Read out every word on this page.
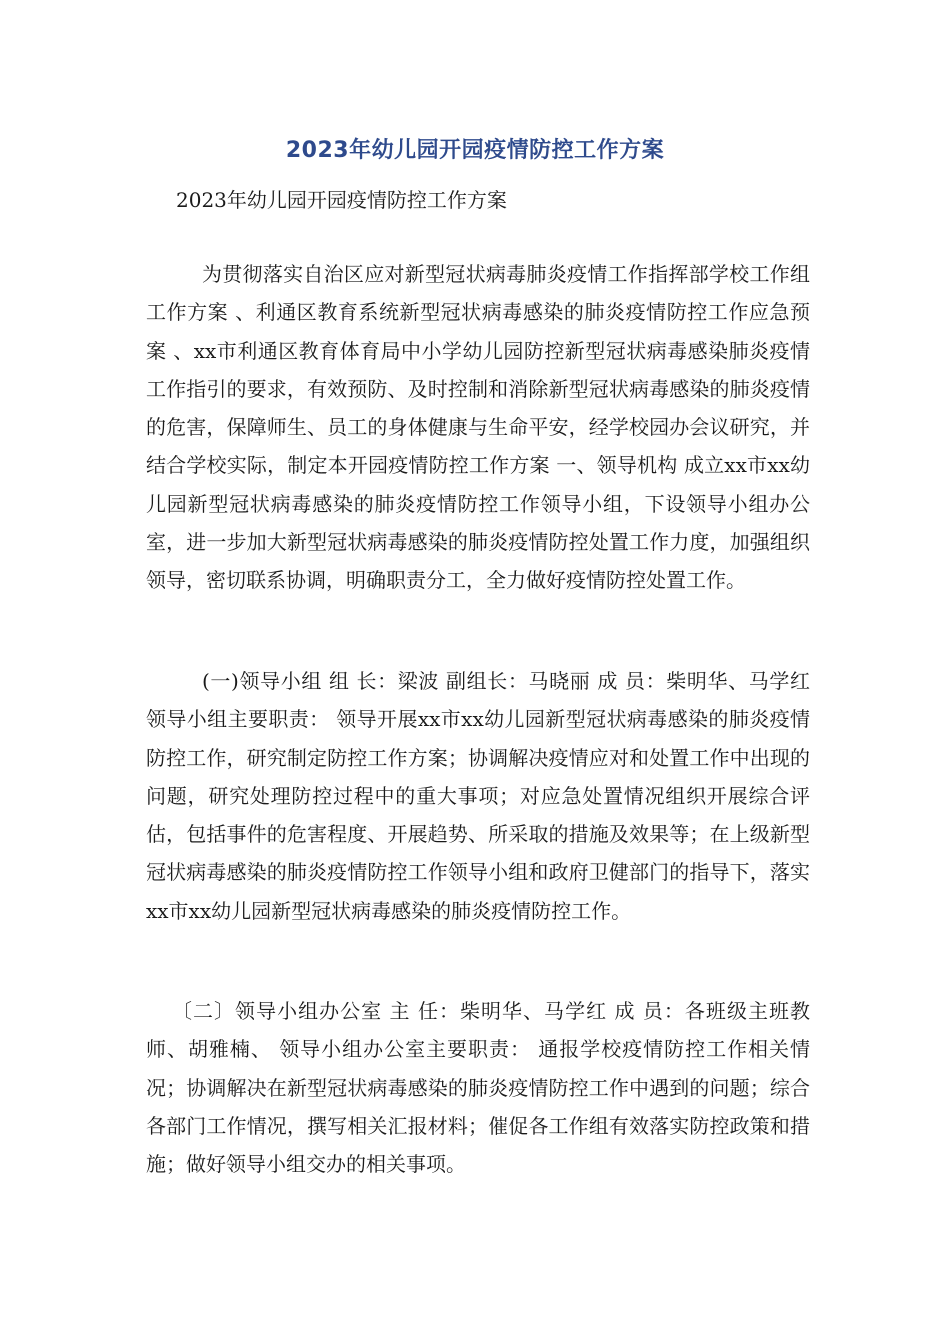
2023年幼儿园开园疫情防控工作方案
2023年幼儿园开园疫情防控工作方案

为贯彻落实自治区应对新型冠状病毒肺炎疫情工作指挥部学校工作组工作方案 、利通区教育系统新型冠状病毒感染的肺炎疫情防控工作应急预案 、xx市利通区教育体育局中小学幼儿园防控新型冠状病毒感染肺炎疫情工作指引的要求，有效预防、及时控制和消除新型冠状病毒感染的肺炎疫情的危害，保障师生、员工的身体健康与生命平安，经学校园办会议研究，并结合学校实际，制定本开园疫情防控工作方案 一、领导机构 成立xx市xx幼儿园新型冠状病毒感染的肺炎疫情防控工作领导小组，下设领导小组办公室，进一步加大新型冠状病毒感染的肺炎疫情防控处置工作力度，加强组织领导，密切联系协调，明确职责分工，全力做好疫情防控处置工作。

(一)领导小组 组 长：梁波 副组长：马晓丽 成 员：柴明华、马学红 领导小组主要职责： 领导开展xx市xx幼儿园新型冠状病毒感染的肺炎疫情防控工作，研究制定防控工作方案；协调解决疫情应对和处置工作中出现的问题，研究处理防控过程中的重大事项；对应急处置情况组织开展综合评估，包括事件的危害程度、开展趋势、所采取的措施及效果等；在上级新型冠状病毒感染的肺炎疫情防控工作领导小组和政府卫健部门的指导下，落实xx市xx幼儿园新型冠状病毒感染的肺炎疫情防控工作。

〔二〕领导小组办公室 主 任：柴明华、马学红 成 员：各班级主班教师、胡雅楠、 领导小组办公室主要职责： 通报学校疫情防控工作相关情况；协调解决在新型冠状病毒感染的肺炎疫情防控工作中遇到的问题；综合各部门工作情况，撰写相关汇报材料；催促各工作组有效落实防控政策和措施；做好领导小组交办的相关事项。
